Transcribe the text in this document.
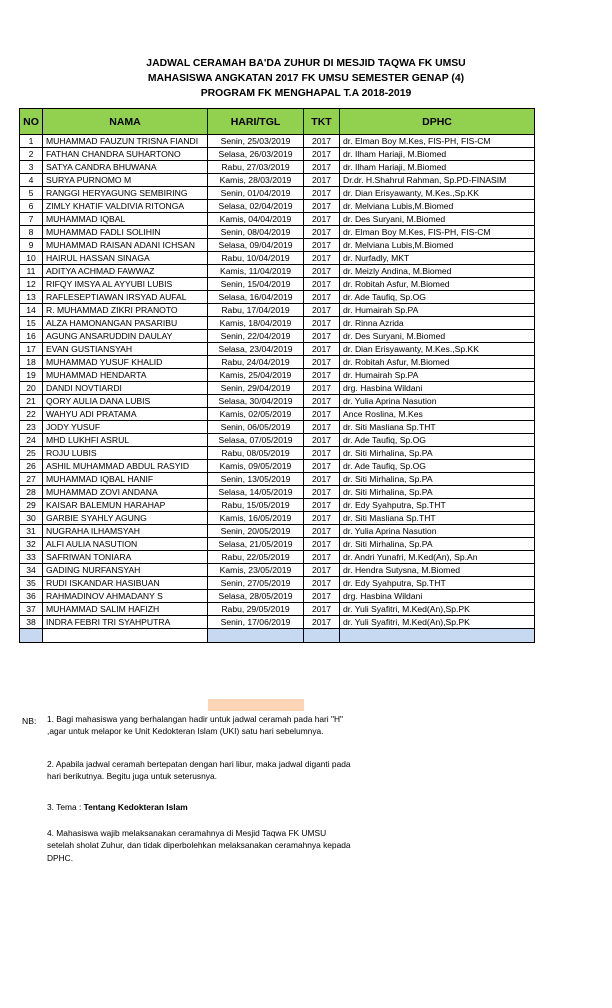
JADWAL CERAMAH BA'DA ZUHUR DI MESJID TAQWA FK UMSU
MAHASISWA ANGKATAN 2017 FK UMSU SEMESTER GENAP (4)
PROGRAM FK MENGHAPAL T.A 2018-2019
NO	NAMA	HARI/TGL	TKT	DPHC
1	MUHAMMAD FAUZUN TRISNA FIANDI	Senin, 25/03/2019	2017	dr. Elman Boy M.Kes, FIS-PH, FIS-CM
2	FATHAN CHANDRA SUHARTONO	Selasa, 26/03/2019	2017	dr. Ilham Hariaji, M.Biomed
3	SATYA CANDRA BHUWANA	Rabu, 27/03/2019	2017	dr. Ilham Hariaji, M.Biomed
4	SURYA PURNOMO M	Kamis, 28/03/2019	2017	Dr.dr. H.Shahrul Rahman, Sp.PD-FINASIM
5	RANGGI HERYAGUNG SEMBIRING	Senin, 01/04/2019	2017	dr. Dian Erisyawanty, M.Kes.,Sp.KK
6	ZIMLY KHATIF VALDIVIA RITONGA	Selasa, 02/04/2019	2017	dr. Melviana Lubis,M.Biomed
7	MUHAMMAD IQBAL	Kamis, 04/04/2019	2017	dr. Des Suryani, M.Biomed
8	MUHAMMAD FADLI SOLIHIN	Senin, 08/04/2019	2017	dr. Elman Boy M.Kes, FIS-PH, FIS-CM
9	MUHAMMAD RAISAN ADANI ICHSAN	Selasa, 09/04/2019	2017	dr. Melviana Lubis,M.Biomed
10	HAIRUL HASSAN SINAGA	Rabu, 10/04/2019	2017	dr. Nurfadly, MKT
11	ADITYA ACHMAD FAWWAZ	Kamis, 11/04/2019	2017	dr. Meizly Andina, M.Biomed
12	RIFQY IMSYA AL AYYUBI LUBIS	Senin, 15/04/2019	2017	dr. Robitah Asfur, M.Biomed
13	RAFLESEPTIAWAN IRSYAD AUFAL	Selasa, 16/04/2019	2017	dr. Ade Taufiq, Sp.OG
14	R. MUHAMMAD ZIKRI PRANOTO	Rabu, 17/04/2019	2017	dr. Humairah Sp.PA
15	ALZA HAMONANGAN PASARIBU	Kamis, 18/04/2019	2017	dr. Rinna Azrida
16	AGUNG ANSARUDDIN DAULAY	Senin, 22/04/2019	2017	dr. Des Suryani, M.Biomed
17	EVAN GUSTIANSYAH	Selasa, 23/04/2019	2017	dr. Dian Erisyawanty, M.Kes.,Sp.KK
18	MUHAMMAD YUSUF KHALID	Rabu, 24/04/2019	2017	dr. Robitah Asfur, M.Biomed
19	MUHAMMAD HENDARTA	Kamis, 25/04/2019	2017	dr. Humairah Sp.PA
20	DANDI NOVTIARDI	Senin, 29/04/2019	2017	drg. Hasbina Wildani
21	QORY AULIA DANA LUBIS	Selasa, 30/04/2019	2017	dr. Yulia Aprina Nasution
22	WAHYU ADI PRATAMA	Kamis, 02/05/2019	2017	Ance Roslina, M.Kes
23	JODY YUSUF	Senin, 06/05/2019	2017	dr. Siti Masliana Sp.THT
24	MHD LUKHFI ASRUL	Selasa, 07/05/2019	2017	dr. Ade Taufiq, Sp.OG
25	ROJU LUBIS	Rabu, 08/05/2019	2017	dr. Siti Mirhalina, Sp.PA
26	ASHIL MUHAMMAD ABDUL RASYID	Kamis, 09/05/2019	2017	dr. Ade Taufiq, Sp.OG
27	MUHAMMAD IQBAL HANIF	Senin, 13/05/2019	2017	dr. Siti Mirhalina, Sp.PA
28	MUHAMMAD ZOVI ANDANA	Selasa, 14/05/2019	2017	dr. Siti Mirhalina, Sp.PA
29	KAISAR BALEMUN HARAHAP	Rabu, 15/05/2019	2017	dr. Edy Syahputra, Sp.THT
30	GARBIE SYAHLY AGUNG	Kamis, 16/05/2019	2017	dr. Siti Masliana Sp.THT
31	NUGRAHA ILHAMSYAH	Senin, 20/05/2019	2017	dr. Yulia Aprina Nasution
32	ALFI AULIA NASUTION	Selasa, 21/05/2019	2017	dr. Siti Mirhalina, Sp.PA
33	SAFRIWAN TONIARA	Rabu, 22/05/2019	2017	dr. Andri Yunafri, M.Ked(An), Sp.An
34	GADING NURFANSYAH	Kamis, 23/05/2019	2017	dr. Hendra Sutysna, M.Biomed
35	RUDI ISKANDAR HASIBUAN	Senin, 27/05/2019	2017	dr. Edy Syahputra, Sp.THT
36	RAHMADINOV AHMADANY S	Selasa, 28/05/2019	2017	drg. Hasbina Wildani
37	MUHAMMAD SALIM HAFIZH	Rabu, 29/05/2019	2017	dr. Yuli Syafitri, M.Ked(An),Sp.PK
38	INDRA FEBRI TRI SYAHPUTRA	Senin, 17/06/2019	2017	dr. Yuli Syafitri, M.Ked(An),Sp.PK

NB: 1. Bagi mahasiswa yang berhalangan hadir untuk jadwal ceramah pada hari "H" ,agar untuk melapor ke Unit Kedokteran Islam (UKI) satu hari sebelumnya.
2. Apabila jadwal ceramah bertepatan dengan hari libur, maka jadwal diganti pada hari berikutnya. Begitu juga untuk seterusnya.
3. Tema : Tentang Kedokteran Islam
4. Mahasiswa wajib melaksanakan ceramahnya di Mesjid Taqwa FK UMSU setelah sholat Zuhur, dan tidak diperbolehkan melaksanakan ceramahnya kepada DPHC.
